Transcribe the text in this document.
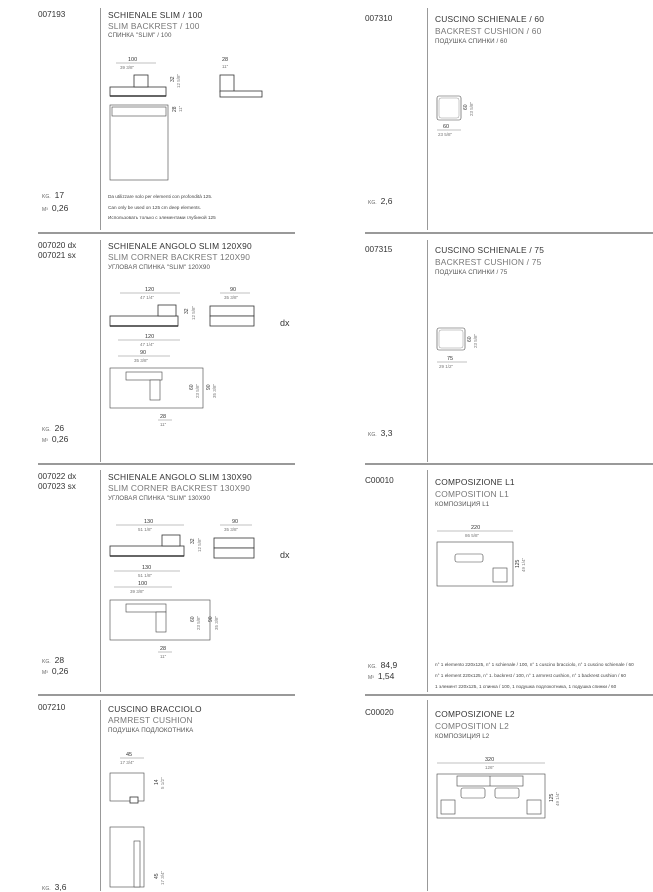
007193	SCHIENALE SLIM / 100
SLIM BACKREST / 100
СПИНКА "SLIM" / 100
100
39 3/8"
32 12 5/8"
28
11"
28 11"
KG. 17
M³ 0,26
Da utilizzare solo per elementi con profondità 125.
Can only be used on 125 cm deep elements.
Использовать только с элементами глубиной 125
007020 dx
007021 sx
SCHIENALE ANGOLO SLIM 120X90
SLIM CORNER BACKREST 120X90
УГЛОВАЯ СПИНКА "SLIM" 120X90
120
47 1/4"
32 12 5/8"
90
35 3/8"
120
47 1/4"
90
35 3/8"
60 23 5/8" 90 35 3/8"
28
11"
dx
KG. 26
M³ 0,26
007022 dx
007023 sx
SCHIENALE ANGOLO SLIM 130X90
SLIM CORNER BACKREST 130X90
УГЛОВАЯ СПИНКА "SLIM" 130X90
130
51 1/8"
32 12 5/8"
90
35 3/8"
130
51 1/8"
100
39 3/8"
60 23 5/8" 90 35 3/8"
28
11"
dx
KG. 28
M³ 0,26
007210	CUSCINO BRACCIOLO
ARMREST CUSHION
ПОДУШКА ПОДЛОКОТНИКА
45
17 3/4"
14 5 1/2"
45 17 3/4"
KG. 3,6
007310	CUSCINO SCHIENALE / 60
BACKREST CUSHION / 60
ПОДУШКА СПИНКИ / 60
60 23 5/8"
60
23 5/8"
KG. 2,6
007315	CUSCINO SCHIENALE / 75
BACKREST CUSHION / 75
ПОДУШКА СПИНКИ / 75
60 23 5/8"
75
29 1/2"
KG. 3,3
C00010	COMPOSIZIONE L1
COMPOSITION L1
КОМПОЗИЦИЯ L1
220
86 5/8"
125 49 1/4"
KG. 84,9
M³ 1,54
n° 1 elemento 220x125, n° 1 schienale / 100, n° 1 cuscino bracciolo, n° 1 cuscino schienale / 60
n° 1 element 220x125, n° 1. backrest / 100, n° 1 armrest cushion, n° 1 backrest cushion / 60
1 элемент 220x125, 1 спинка / 100, 1 подушка подлокотника, 1 подушка спинки / 60
C00020	COMPOSIZIONE L2
COMPOSITION L2
КОМПОЗИЦИЯ L2
320
126"
125 49 1/4"
